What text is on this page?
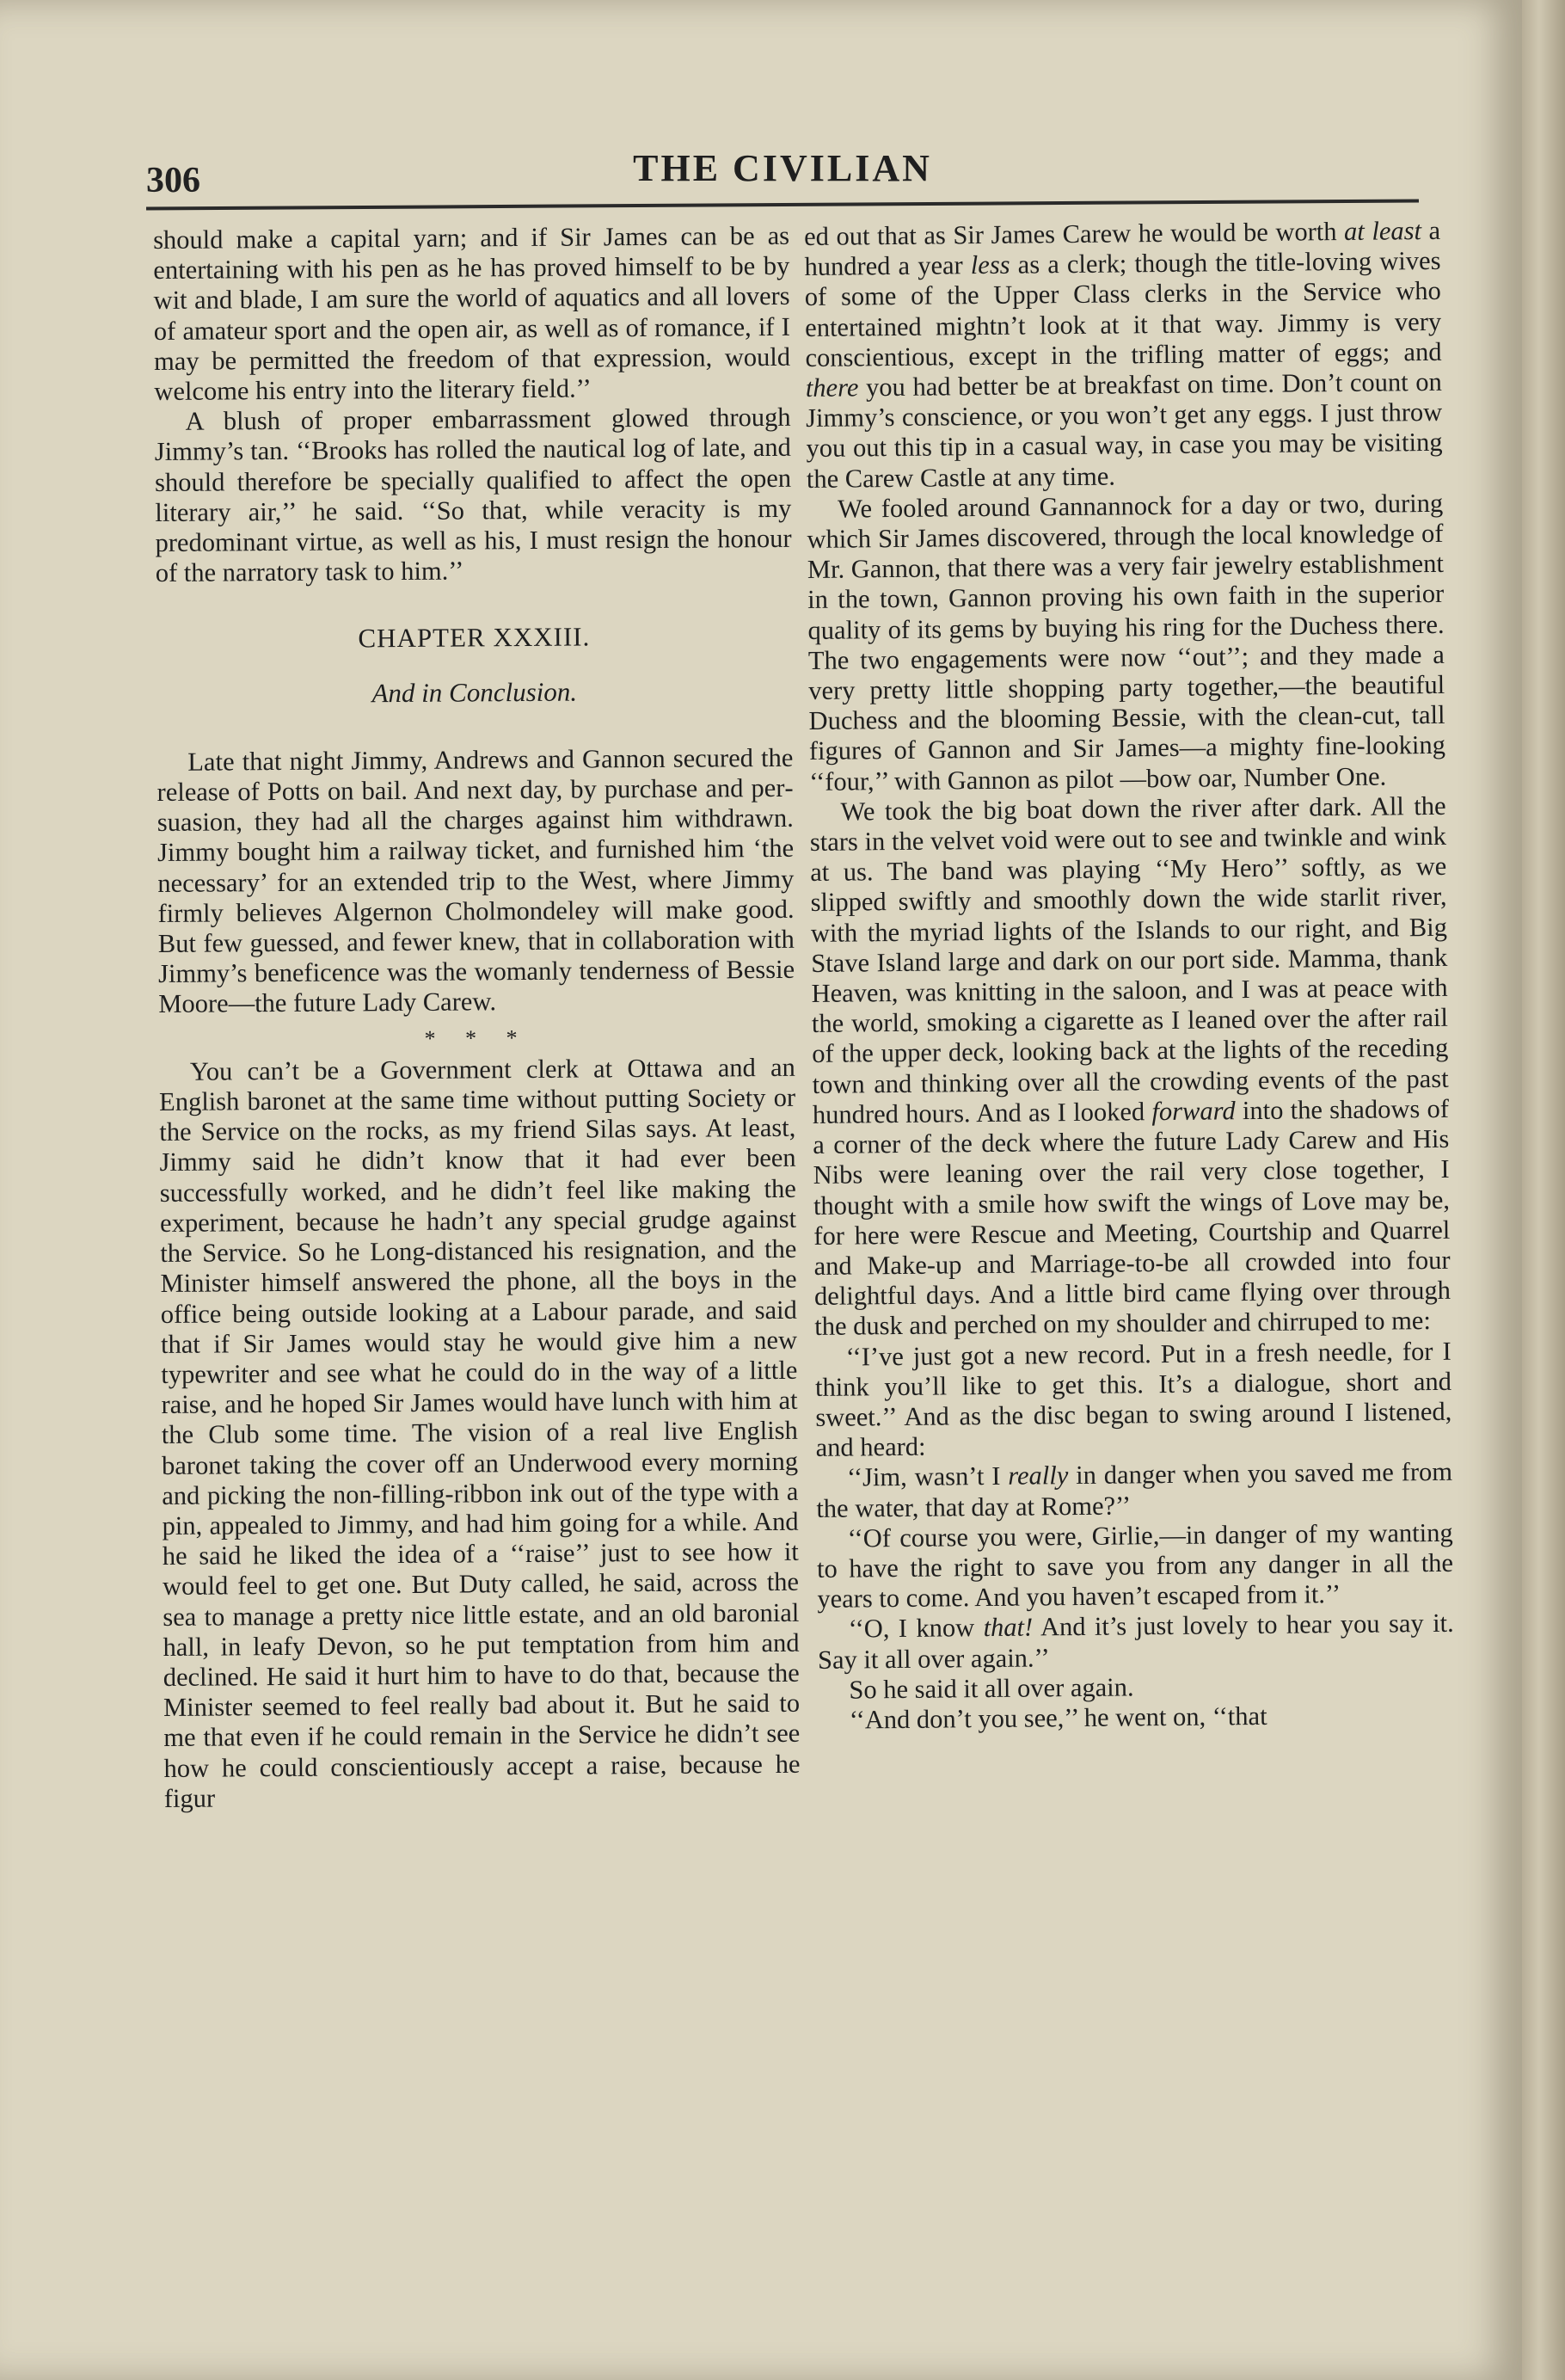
306	THE CIVILIAN

should make a capital yarn; and if Sir James can be as entertaining with his pen as he has proved himself to be by wit and blade, I am sure the world of aquatics and all lovers of amateur sport and the open air, as well as of romance, if I may be permitted the freedom of that expression, would welcome his entry into the literary field.’’

A blush of proper embarrassment glowed through Jimmy’s tan. ‘‘Brooks has rolled the nautical log of late, and should therefore be specially qualified to affect the open literary air,’’ he said. ‘‘So that, while veracity is my predominant virtue, as well as his, I must resign the honour of the narratory task to him.’’

CHAPTER XXXIII.
And in Conclusion.

Late that night Jimmy, Andrews and Gannon secured the release of Potts on bail. And next day, by purchase and persuasion, they had all the charges against him withdrawn. Jimmy bought him a railway ticket, and furnished him ‘the necessary’ for an extended trip to the West, where Jimmy firmly believes Algernon Cholmondeley will make good. But few guessed, and fewer knew, that in collaboration with Jimmy’s beneficence was the womanly tenderness of Bessie Moore—the future Lady Carew.

* * *

You can’t be a Government clerk at Ottawa and an English baronet at the same time without putting Society or the Service on the rocks, as my friend Silas says. At least, Jimmy said he didn’t know that it had ever been successfully worked, and he didn’t feel like making the experiment, because he hadn’t any special grudge against the Service. So he Long-distanced his resignation, and the Minister himself answered the phone, all the boys in the office being outside looking at a Labour parade, and said that if Sir James would stay he would give him a new typewriter and see what he could do in the way of a little raise, and he hoped Sir James would have lunch with him at the Club some time. The vision of a real live English baronet taking the cover off an Underwood every morning and picking the non-filling-ribbon ink out of the type with a pin, appealed to Jimmy, and had him going for a while. And he said he liked the idea of a ‘‘raise’’ just to see how it would feel to get one. But Duty called, he said, across the sea to manage a pretty nice little estate, and an old baronial hall, in leafy Devon, so he put temptation from him and declined. He said it hurt him to have to do that, because the Minister seemed to feel really bad about it. But he said to me that even if he could remain in the Service he didn’t see how he could conscientiously accept a raise, because he figur

ed out that as Sir James Carew he would be worth at least a hundred a year less as a clerk; though the title-loving wives of some of the Upper Class clerks in the Service who entertained mightn’t look at it that way. Jimmy is very conscientious, except in the trifling matter of eggs; and there you had better be at breakfast on time. Don’t count on Jimmy’s conscience, or you won’t get any eggs. I just throw you out this tip in a casual way, in case you may be visiting the Carew Castle at any time.

We fooled around Gannannock for a day or two, during which Sir James discovered, through the local knowledge of Mr. Gannon, that there was a very fair jewelry establishment in the town, Gannon proving his own faith in the superior quality of its gems by buying his ring for the Duchess there. The two engagements were now ‘‘out’’; and they made a very pretty little shopping party together,—the beautiful Duchess and the blooming Bessie, with the clean-cut, tall figures of Gannon and Sir James—a mighty fine-looking ‘‘four,’’ with Gannon as pilot —bow oar, Number One.

We took the big boat down the river after dark. All the stars in the velvet void were out to see and twinkle and wink at us. The band was playing ‘‘My Hero’’ softly, as we slipped swiftly and smoothly down the wide starlit river, with the myriad lights of the Islands to our right, and Big Stave Island large and dark on our port side. Mamma, thank Heaven, was knitting in the saloon, and I was at peace with the world, smoking a cigarette as I leaned over the after rail of the upper deck, looking back at the lights of the receding town and thinking over all the crowding events of the past hundred hours. And as I looked forward into the shadows of a corner of the deck where the future Lady Carew and His Nibs were leaning over the rail very close together, I thought with a smile how swift the wings of Love may be, for here were Rescue and Meeting, Courtship and Quarrel and Make-up and Marriage-to-be all crowded into four delightful days. And a little bird came flying over through the dusk and perched on my shoulder and chirruped to me:

‘‘I’ve just got a new record. Put in a fresh needle, for I think you’ll like to get this. It’s a dialogue, short and sweet.’’ And as the disc began to swing around I listened, and heard:

‘‘Jim, wasn’t I really in danger when you saved me from the water, that day at Rome?’’

‘‘Of course you were, Girlie,—in danger of my wanting to have the right to save you from any danger in all the years to come. And you haven’t escaped from it.’’

‘‘O, I know that! And it’s just lovely to hear you say it. Say it all over again.’’

So he said it all over again.

‘‘And don’t you see,’’ he went on, ‘‘that
